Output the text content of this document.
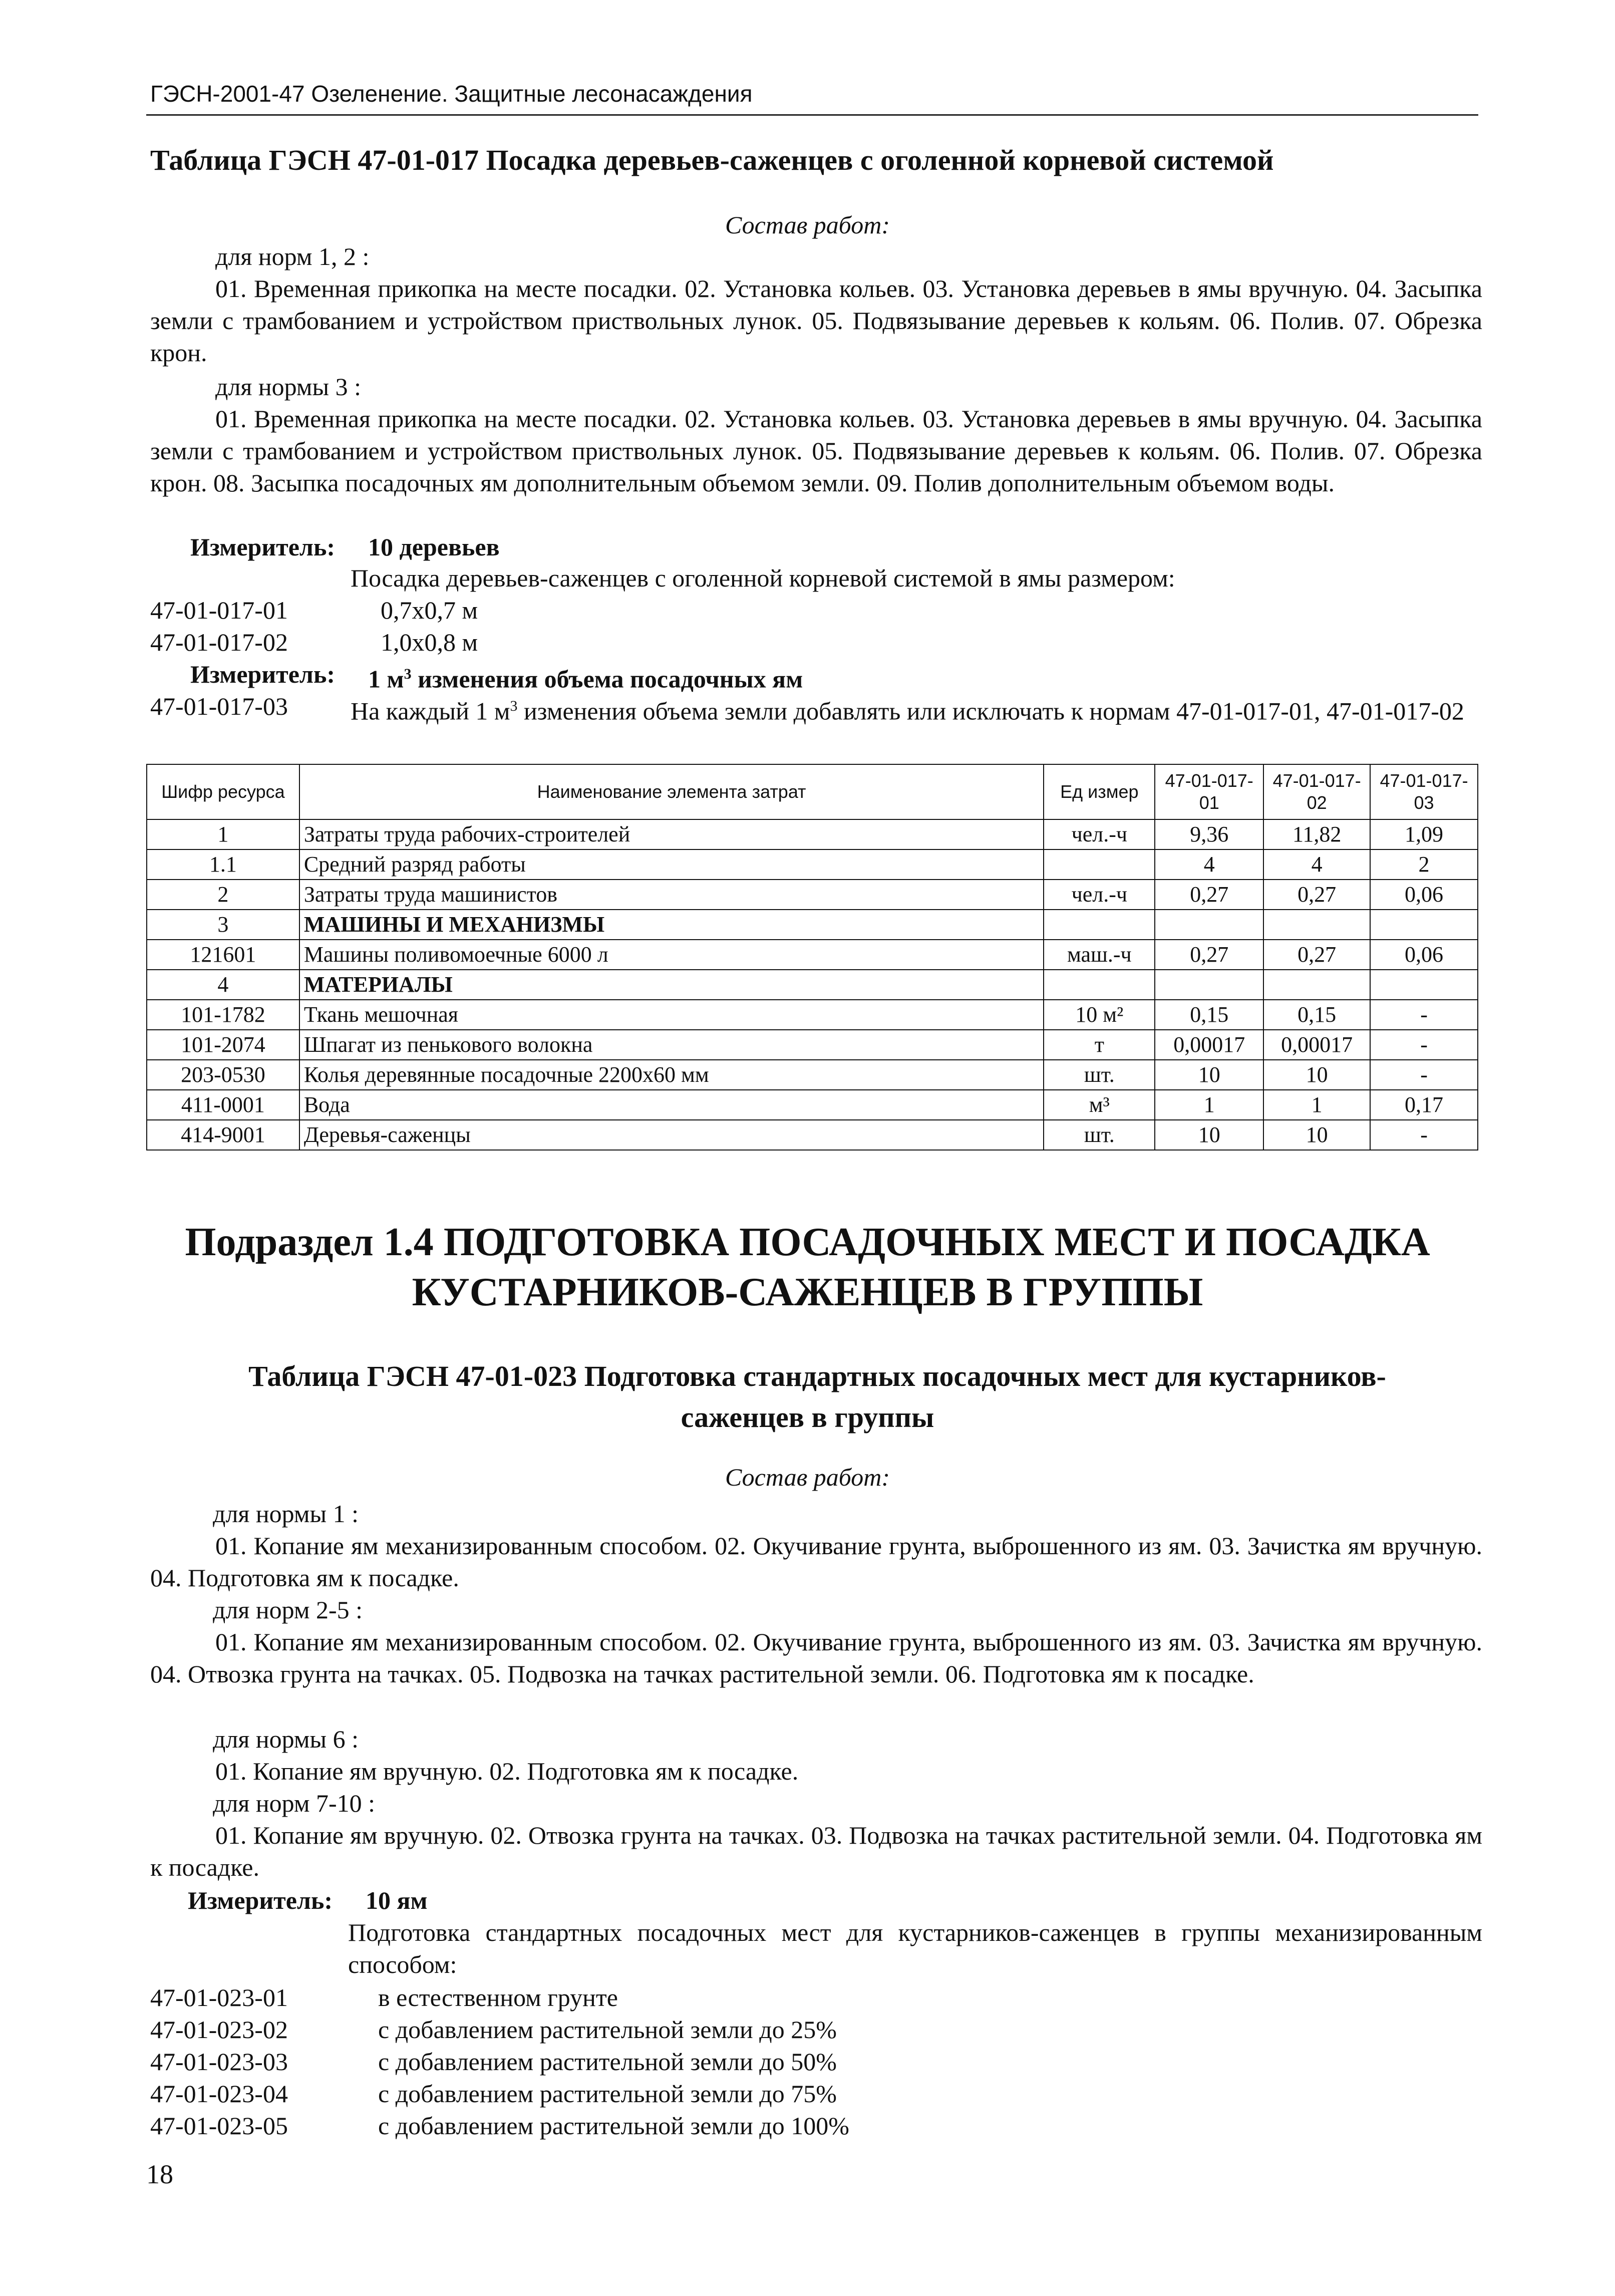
ГЭСН-2001-47 Озеленение. Защитные лесонасаждения
Таблица ГЭСН 47-01-017 Посадка деревьев-саженцев с оголенной корневой системой
Состав работ:
для норм 1, 2 :
01. Временная прикопка на месте посадки. 02. Установка кольев. 03. Установка деревьев в ямы вручную. 04. Засыпка земли с трамбованием и устройством приствольных лунок. 05. Подвязывание деревьев к кольям. 06. Полив. 07. Обрезка крон.
для нормы 3 :
01. Временная прикопка на месте посадки. 02. Установка кольев. 03. Установка деревьев в ямы вручную. 04. Засыпка земли с трамбованием и устройством приствольных лунок. 05. Подвязывание деревьев к кольям. 06. Полив. 07. Обрезка крон. 08. Засыпка посадочных ям дополнительным объемом земли. 09. Полив дополнительным объемом воды.
Измеритель: 10 деревьев
Посадка деревьев-саженцев с оголенной корневой системой в ямы размером:
47-01-017-01	0,7х0,7 м
47-01-017-02	1,0х0,8 м
Измеритель: 1 $м^3$ изменения объема посадочных ям
47-01-017-03	На каждый 1 $м^3$ изменения объема земли добавлять или исключать к нормам 47-01-017-01, 47-01-017-02
Шифр ресурса	Наименование элемента затрат	Ед измер	47-01-017-01	47-01-017-02	47-01-017-03
1	Затраты труда рабочих-строителей	чел.-ч	9,36	11,82	1,09
1.1	Средний разряд работы		4	4	2
2	Затраты труда машинистов	чел.-ч	0,27	0,27	0,06
3	МАШИНЫ И МЕХАНИЗМЫ				
121601	Машины поливомоечные 6000 л	маш.-ч	0,27	0,27	0,06
4	МАТЕРИАЛЫ				
101-1782	Ткань мешочная	10 м²	0,15	0,15	-
101-2074	Шпагат из пенькового волокна	т	0,00017	0,00017	-
203-0530	Колья деревянные посадочные 2200х60 мм	шт.	10	10	-
411-0001	Вода	м³	1	1	0,17
414-9001	Деревья-саженцы	шт.	10	10	-
Подраздел 1.4 ПОДГОТОВКА ПОСАДОЧНЫХ МЕСТ И ПОСАДКА
КУСТАРНИКОВ-САЖЕНЦЕВ В ГРУППЫ
Таблица ГЭСН 47-01-023 Подготовка стандартных посадочных мест для кустарников-
саженцев в группы
Состав работ:
для нормы 1 :
01. Копание ям механизированным способом. 02. Окучивание грунта, выброшенного из ям. 03. Зачистка ям вручную. 04. Подготовка ям к посадке.
для норм 2-5 :
01. Копание ям механизированным способом. 02. Окучивание грунта, выброшенного из ям. 03. Зачистка ям вручную. 04. Отвозка грунта на тачках. 05. Подвозка на тачках растительной земли. 06. Подготовка ям к посадке.
для нормы 6 :
01. Копание ям вручную. 02. Подготовка ям к посадке.
для норм 7-10 :
01. Копание ям вручную. 02. Отвозка грунта на тачках. 03. Подвозка на тачках растительной земли. 04. Подготовка ям к посадке.
Измеритель: 10 ям
Подготовка стандартных посадочных мест для кустарников-саженцев в группы механизированным способом:
47-01-023-01	в естественном грунте
47-01-023-02	с добавлением растительной земли до 25%
47-01-023-03	с добавлением растительной земли до 50%
47-01-023-04	с добавлением растительной земли до 75%
47-01-023-05	с добавлением растительной земли до 100%
18
